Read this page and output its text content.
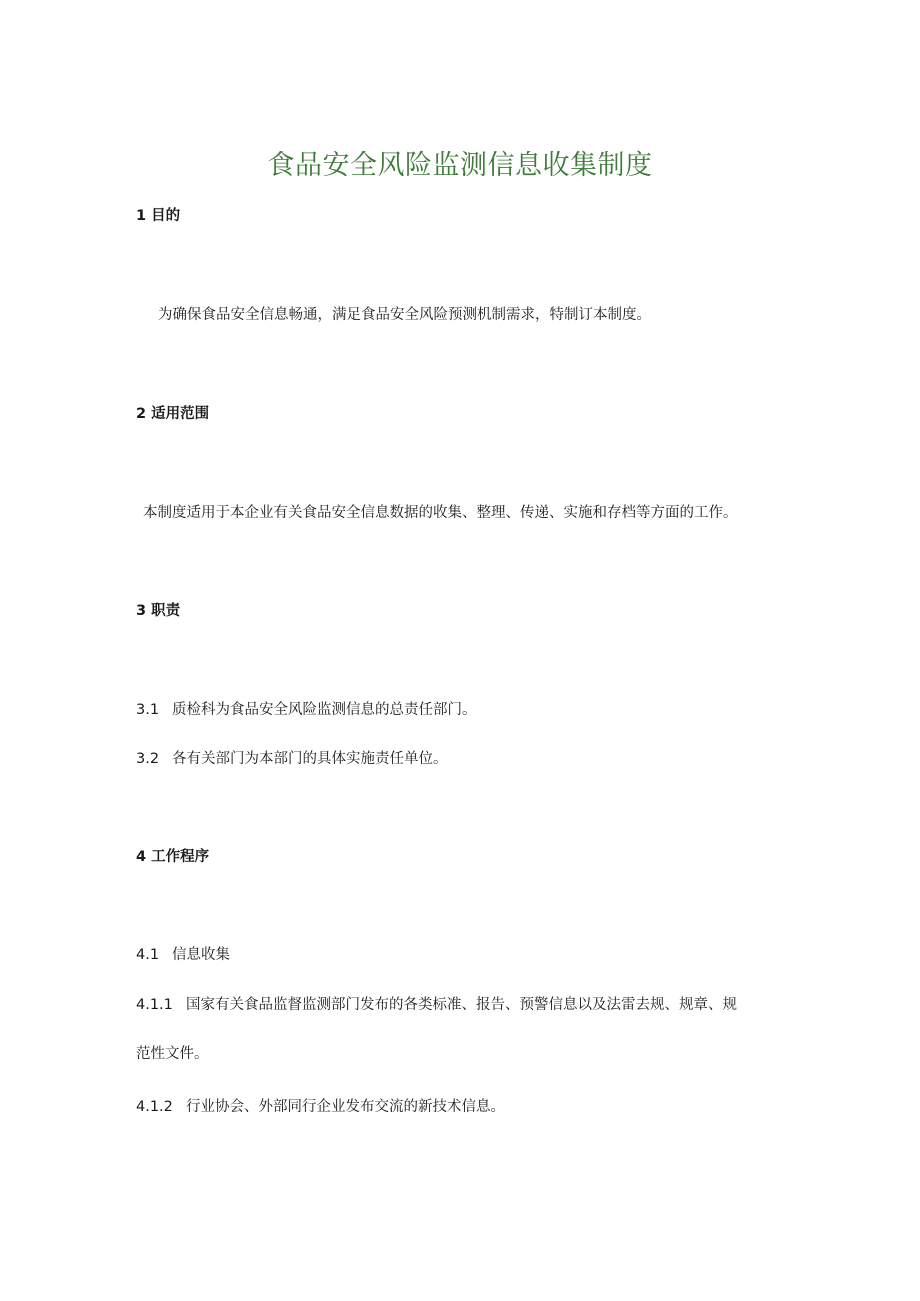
食品安全风险监测信息收集制度
1 目的
为确保食品安全信息畅通，满足食品安全风险预测机制需求，特制订本制度。
2 适用范围
本制度适用于本企业有关食品安全信息数据的收集、整理、传递、实施和存档等方面的工作。
3 职责
3.1 质检科为食品安全风险监测信息的总责任部门。
3.2 各有关部门为本部门的具体实施责任单位。
4 工作程序
4.1 信息收集
4.1.1 国家有关食品监督监测部门发布的各类标准、报告、预警信息以及法雷去规、规章、规
范性文件。
4.1.2 行业协会、外部同行企业发布交流的新技术信息。
